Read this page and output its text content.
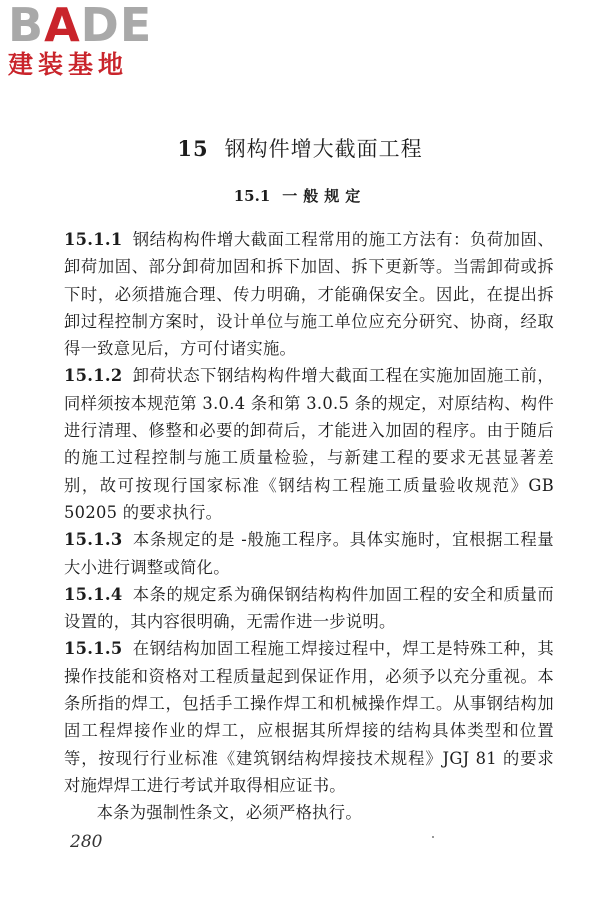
BADE
建装基地
15 钢构件增大截面工程
15.1 一般规定

15.1.1 钢结构构件增大截面工程常用的施工方法有：负荷加固、卸荷加固、部分卸荷加固和拆下加固、拆下更新等。当需卸荷或拆下时，必须措施合理、传力明确，才能确保安全。因此，在提出拆卸过程控制方案时，设计单位与施工单位应充分研究、协商，经取得一致意见后，方可付诸实施。

15.1.2 卸荷状态下钢结构构件增大截面工程在实施加固施工前，同样须按本规范第 3.0.4 条和第 3.0.5 条的规定，对原结构、构件进行清理、修整和必要的卸荷后，才能进入加固的程序。由于随后的施工过程控制与施工质量检验，与新建工程的要求无甚显著差别，故可按现行国家标准《钢结构工程施工质量验收规范》GB 50205 的要求执行。

15.1.3 本条规定的是 -般施工程序。具体实施时，宜根据工程量大小进行调整或简化。

15.1.4 本条的规定系为确保钢结构构件加固工程的安全和质量而设置的，其内容很明确，无需作进一步说明。

15.1.5 在钢结构加固工程施工焊接过程中，焊工是特殊工种，其操作技能和资格对工程质量起到保证作用，必须予以充分重视。本条所指的焊工，包括手工操作焊工和机械操作焊工。从事钢结构加固工程焊接作业的焊工，应根据其所焊接的结构具体类型和位置等，按现行行业标准《建筑钢结构焊接技术规程》JGJ 81 的要求对施焊焊工进行考试并取得相应证书。

本条为强制性条文，必须严格执行。

280
